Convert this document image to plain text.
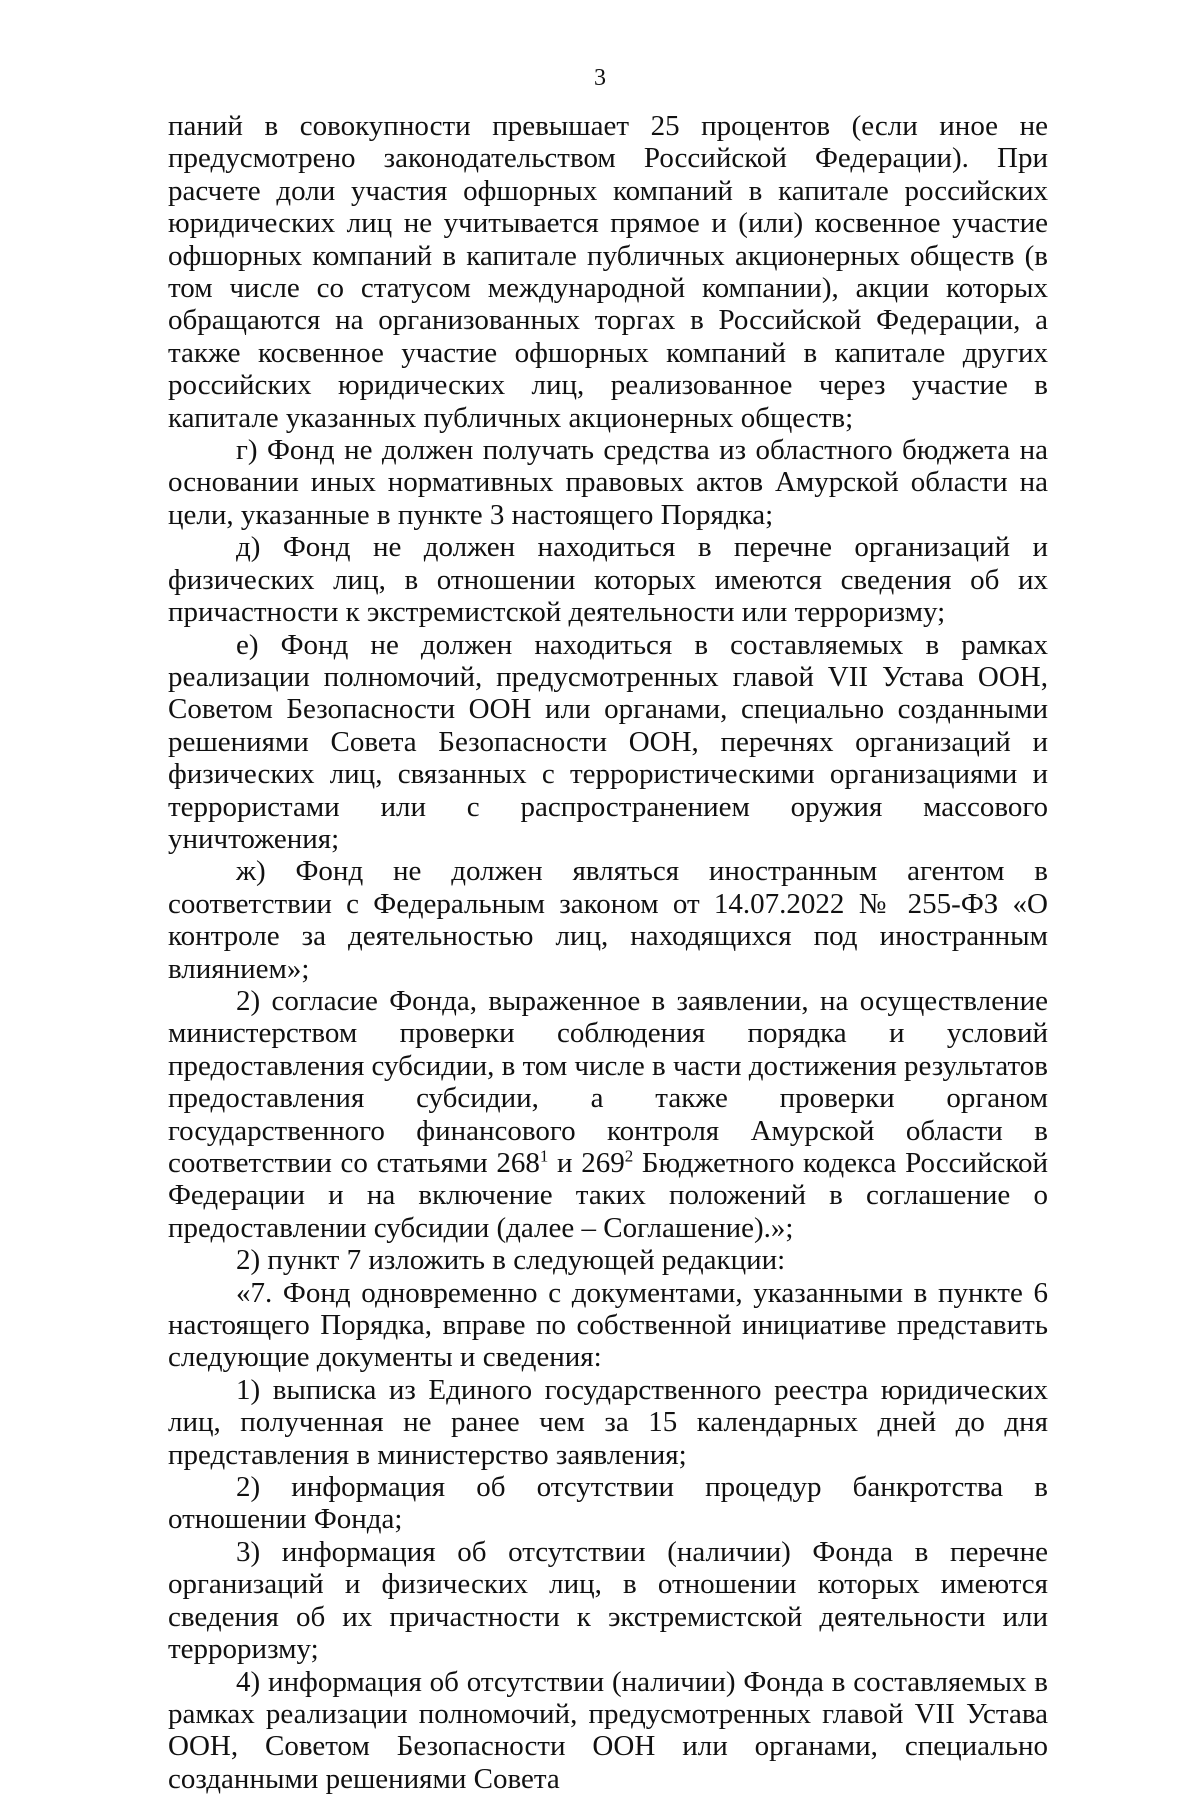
3

паний в совокупности превышает 25 процентов (если иное не предусмотрено законодательством Российской Федерации). При расчете доли участия офшорных компаний в капитале российских юридических лиц не учитывается прямое и (или) косвенное участие офшорных компаний в капитале публичных акционерных обществ (в том числе со статусом международной компании), акции которых обращаются на организованных торгах в Российской Федерации, а также косвенное участие офшорных компаний в капитале других российских юридических лиц, реализованное через участие в капитале указанных публичных акционерных обществ;

г) Фонд не должен получать средства из областного бюджета на основании иных нормативных правовых актов Амурской области на цели, указанные в пункте 3 настоящего Порядка;

д) Фонд не должен находиться в перечне организаций и физических лиц, в отношении которых имеются сведения об их причастности к экстремистской деятельности или терроризму;

е) Фонд не должен находиться в составляемых в рамках реализации полномочий, предусмотренных главой VII Устава ООН, Советом Безопасности ООН или органами, специально созданными решениями Совета Безопасности ООН, перечнях организаций и физических лиц, связанных с террористическими организациями и террористами или с распространением оружия массового уничтожения;

ж) Фонд не должен являться иностранным агентом в соответствии с Федеральным законом от 14.07.2022 № 255-ФЗ «О контроле за деятельностью лиц, находящихся под иностранным влиянием»;

2) согласие Фонда, выраженное в заявлении, на осуществление министерством проверки соблюдения порядка и условий предоставления субсидии, в том числе в части достижения результатов предоставления субсидии, а также проверки органом государственного финансового контроля Амурской области в соответствии со статьями $268^1$ и $269^2$ Бюджетного кодекса Российской Федерации и на включение таких положений в соглашение о предоставлении субсидии (далее – Соглашение).»;

2) пункт 7 изложить в следующей редакции:

«7. Фонд одновременно с документами, указанными в пункте 6 настоящего Порядка, вправе по собственной инициативе представить следующие документы и сведения:

1) выписка из Единого государственного реестра юридических лиц, полученная не ранее чем за 15 календарных дней до дня представления в министерство заявления;

2) информация об отсутствии процедур банкротства в отношении Фонда;

3) информация об отсутствии (наличии) Фонда в перечне организаций и физических лиц, в отношении которых имеются сведения об их причастности к экстремистской деятельности или терроризму;

4) информация об отсутствии (наличии) Фонда в составляемых в рамках реализации полномочий, предусмотренных главой VII Устава ООН, Советом Безопасности ООН или органами, специально созданными решениями Совета
